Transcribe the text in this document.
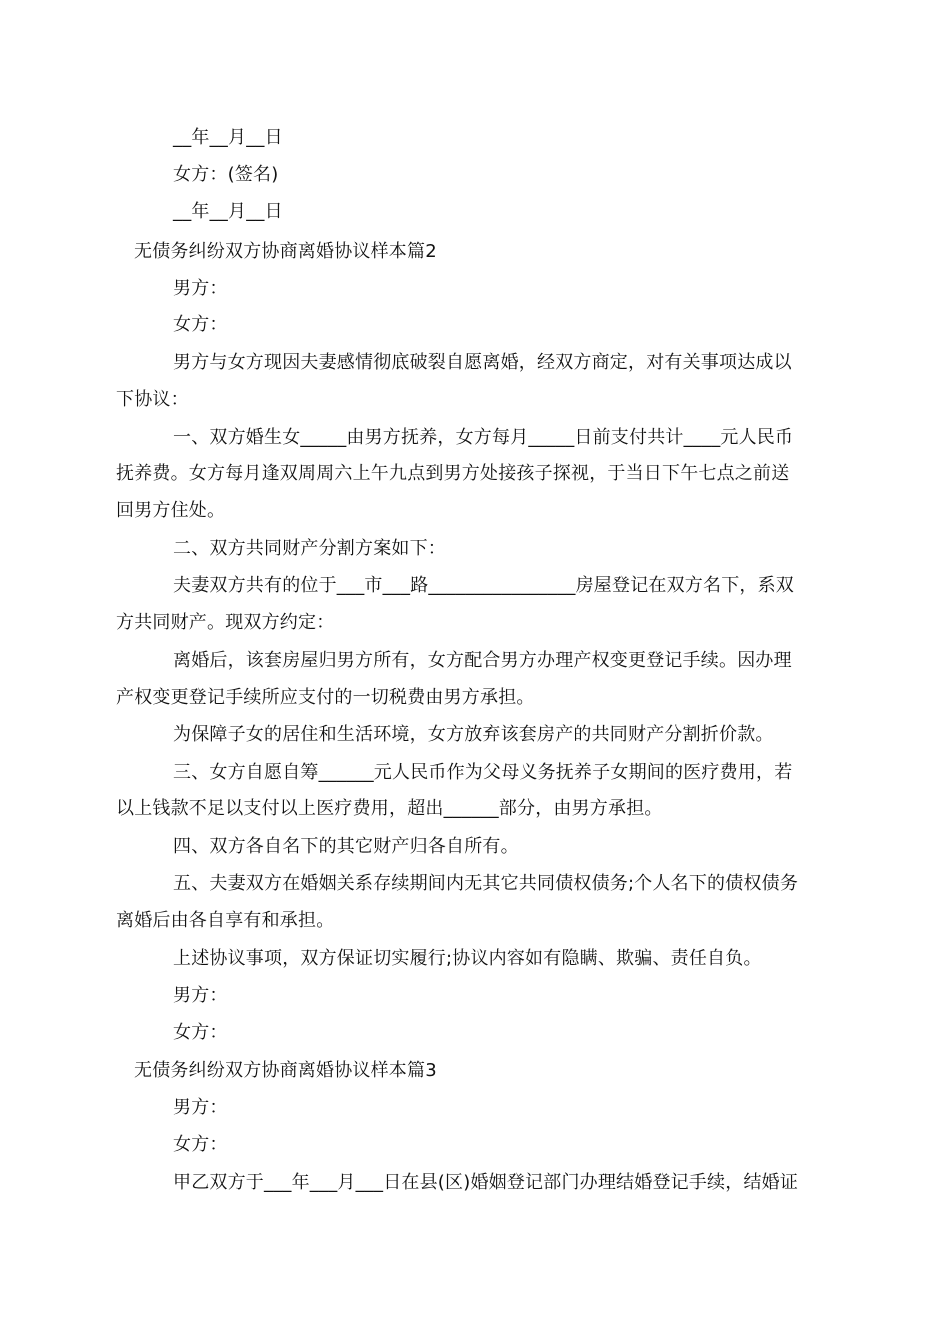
__年__月__日
女方：(签名)
__年__月__日
无债务纠纷双方协商离婚协议样本篇2
男方：
女方：
男方与女方现因夫妻感情彻底破裂自愿离婚，经双方商定，对有关事项达成以
下协议：
一、双方婚生女_____由男方抚养，女方每月_____日前支付共计____元人民币
抚养费。女方每月逢双周周六上午九点到男方处接孩子探视，于当日下午七点之前送
回男方住处。
二、双方共同财产分割方案如下：
夫妻双方共有的位于___市___路________________房屋登记在双方名下，系双
方共同财产。现双方约定：
离婚后，该套房屋归男方所有，女方配合男方办理产权变更登记手续。因办理
产权变更登记手续所应支付的一切税费由男方承担。
为保障子女的居住和生活环境，女方放弃该套房产的共同财产分割折价款。
三、女方自愿自筹______元人民币作为父母义务抚养子女期间的医疗费用，若
以上钱款不足以支付以上医疗费用，超出______部分，由男方承担。
四、双方各自名下的其它财产归各自所有。
五、夫妻双方在婚姻关系存续期间内无其它共同债权债务;个人名下的债权债务
离婚后由各自享有和承担。
上述协议事项，双方保证切实履行;协议内容如有隐瞒、欺骗、责任自负。
男方：
女方：
无债务纠纷双方协商离婚协议样本篇3
男方：
女方：
甲乙双方于___年___月___日在县(区)婚姻登记部门办理结婚登记手续，结婚证
